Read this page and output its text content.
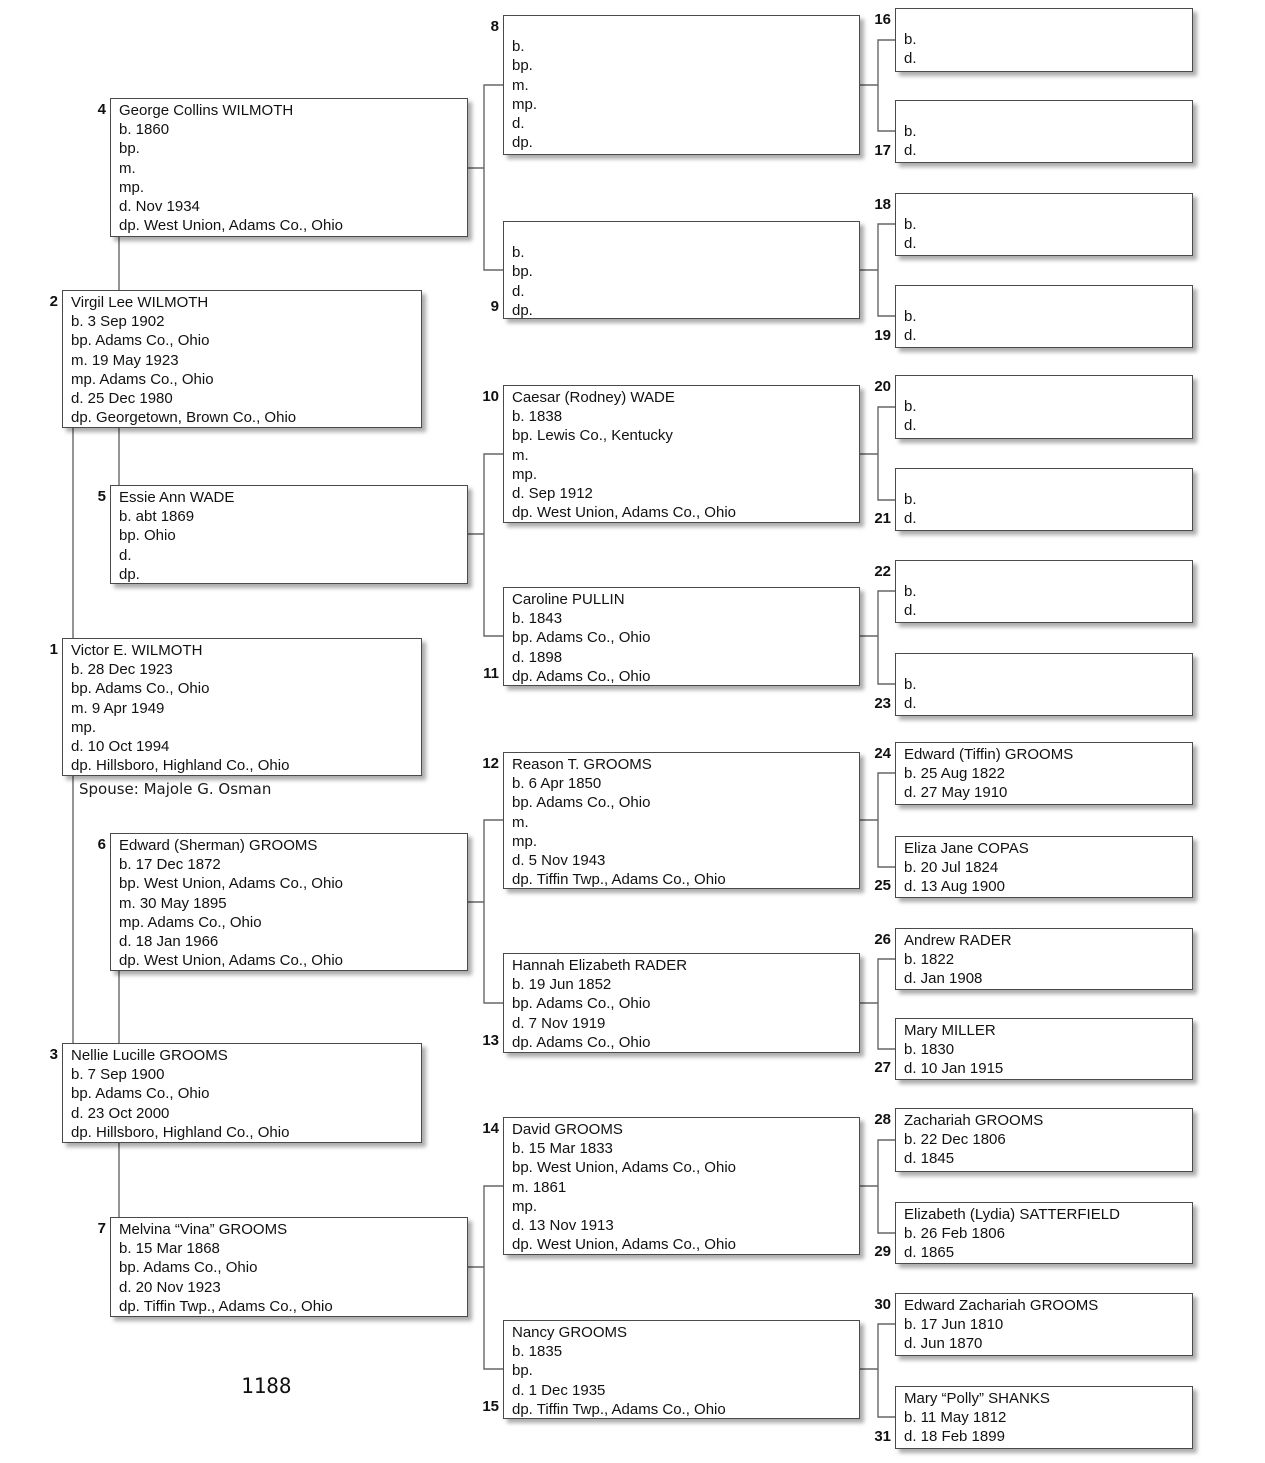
1 Victor E. WILMOTH
b. 28 Dec 1923
bp. Adams Co., Ohio
m. 9 Apr 1949
mp.
d. 10 Oct 1994
dp. Hillsboro, Highland Co., Ohio
2 Virgil Lee WILMOTH
b. 3 Sep 1902
bp. Adams Co., Ohio
m. 19 May 1923
mp. Adams Co., Ohio
d. 25 Dec 1980
dp. Georgetown, Brown Co., Ohio
3 Nellie Lucille GROOMS
b. 7 Sep 1900
bp. Adams Co., Ohio
d. 23 Oct 2000
dp. Hillsboro, Highland Co., Ohio
4 George Collins WILMOTH
b. 1860
bp.
m.
mp.
d. Nov 1934
dp. West Union, Adams Co., Ohio
5 Essie Ann WADE
b. abt 1869
bp. Ohio
d.
dp.
6 Edward (Sherman) GROOMS
b. 17 Dec 1872
bp. West Union, Adams Co., Ohio
m. 30 May 1895
mp. Adams Co., Ohio
d. 18 Jan 1966
dp. West Union, Adams Co., Ohio
7 Melvina “Vina” GROOMS
b. 15 Mar 1868
bp. Adams Co., Ohio
d. 20 Nov 1923
dp. Tiffin Twp., Adams Co., Ohio
8
b.
bp.
m.
mp.
d.
dp.
9
b.
bp.
d.
dp.
10 Caesar (Rodney) WADE
b. 1838
bp. Lewis Co., Kentucky
m.
mp.
d. Sep 1912
dp. West Union, Adams Co., Ohio
11
Caroline PULLIN
b. 1843
bp. Adams Co., Ohio
d. 1898
dp. Adams Co., Ohio
12 Reason T. GROOMS
b. 6 Apr 1850
bp. Adams Co., Ohio
m.
mp.
d. 5 Nov 1943
dp. Tiffin Twp., Adams Co., Ohio
13
Hannah Elizabeth RADER
b. 19 Jun 1852
bp. Adams Co., Ohio
d. 7 Nov 1919
dp. Adams Co., Ohio
14 David GROOMS
b. 15 Mar 1833
bp. West Union, Adams Co., Ohio
m. 1861
mp.
d. 13 Nov 1913
dp. West Union, Adams Co., Ohio
15
Nancy GROOMS
b. 1835
bp.
d. 1 Dec 1935
dp. Tiffin Twp., Adams Co., Ohio
16
b.
d.
17
b.
d.
18
b.
d.
19
b.
d.
20
b.
d.
21
b.
d.
22
b.
d.
23
b.
d.
24 Edward (Tiffin) GROOMS
b. 25 Aug 1822
d. 27 May 1910
25
Eliza Jane COPAS
b. 20 Jul 1824
d. 13 Aug 1900
26 Andrew RADER
b. 1822
d. Jan 1908
27
Mary MILLER
b. 1830
d. 10 Jan 1915
28 Zachariah GROOMS
b. 22 Dec 1806
d. 1845
29
Elizabeth (Lydia) SATTERFIELD
b. 26 Feb 1806
d. 1865
30 Edward Zachariah GROOMS
b. 17 Jun 1810
d. Jun 1870
31
Mary “Polly” SHANKS
b. 11 May 1812
d. 18 Feb 1899
Spouse: Majole G. Osman
1188
